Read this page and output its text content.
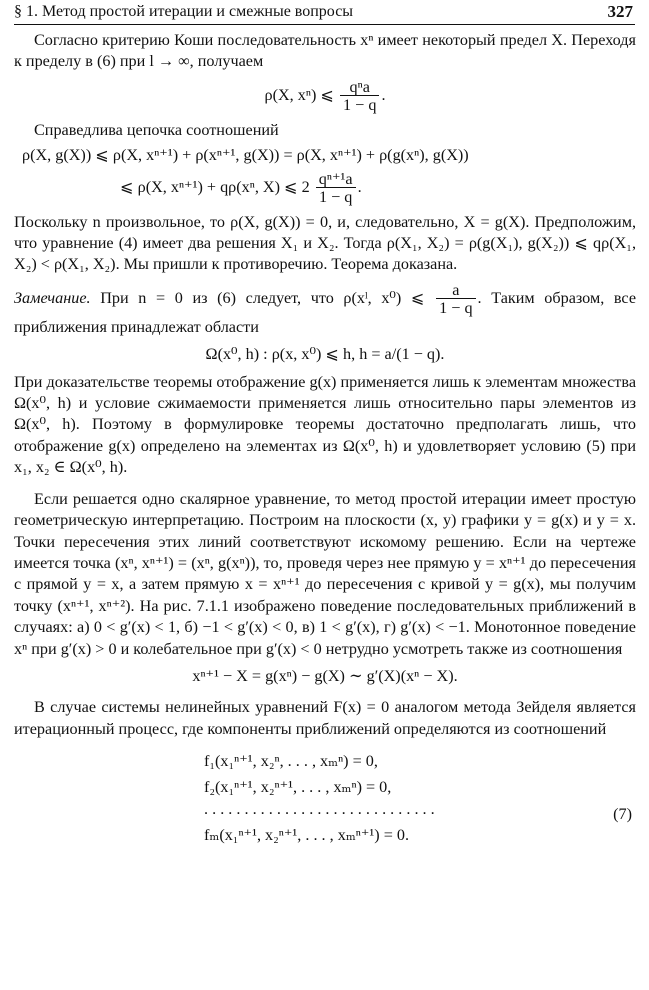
§ 1. Метод простой итерации и смежные вопросы	327

Согласно критерию Коши последовательность xⁿ имеет некоторый предел X. Переходя к пределу в (6) при l → ∞, получаем

ρ(X, xⁿ) ⩽ $\frac{\text{qⁿa}}{1 - q}$ .

Справедлива цепочка соотношений

ρ(X, g(X)) ⩽ ρ(X, xⁿ⁺¹) + ρ(xⁿ⁺¹, g(X)) = ρ(X, xⁿ⁺¹) + ρ(g(xⁿ), g(X))
⩽ ρ(X, xⁿ⁺¹) + qρ(xⁿ, X) ⩽ $2 \frac{\text{qⁿ⁺¹a}}{1 - q}$ .

Поскольку n произвольное, то ρ(X, g(X)) = 0, и, следовательно, X = g(X). Предположим, что уравнение (4) имеет два решения X₁ и X₂. Тогда ρ(X₁, X₂) = ρ(g(X₁), g(X₂)) ⩽ qρ(X₁, X₂) < ρ(X₁, X₂). Мы пришли к противоречию. Теорема доказана.

Замечание. При n = 0 из (6) следует, что ρ(xˡ, x⁰) ⩽ $\frac{a}{1 - q}$ . Таким образом, все приближения принадлежат области

Ω(x⁰, h) : ρ(x, x⁰) ⩽ h, h = a/(1 − q).

При доказательстве теоремы отображение g(x) применяется лишь к элементам множества Ω(x⁰, h) и условие сжимаемости применяется лишь относительно пары элементов из Ω(x⁰, h). Поэтому в формулировке теоремы достаточно предполагать лишь, что отображение g(x) определено на элементах из Ω(x⁰, h) и удовлетворяет условию (5) при x₁, x₂ ∈ Ω(x⁰, h).

Если решается одно скалярное уравнение, то метод простой итерации имеет простую геометрическую интерпретацию. Построим на плоскости (x, y) графики y = g(x) и y = x. Точки пересечения этих линий соответствуют искомому решению. Если на чертеже имеется точка (xⁿ, xⁿ⁺¹) = (xⁿ, g(xⁿ)), то, проведя через нее прямую y = xⁿ⁺¹ до пересечения с прямой y = x, а затем прямую x = xⁿ⁺¹ до пересечения с кривой y = g(x), мы получим точку (xⁿ⁺¹, xⁿ⁺²). На рис. 7.1.1 изображено поведение последовательных приближений в случаях: а) 0 < g′(x) < 1, б) −1 < g′(x) < 0, в) 1 < g′(x), г) g′(x) < −1. Монотонное поведение xⁿ при g′(x) > 0 и колебательное при g′(x) < 0 нетрудно усмотреть также из соотношения

xⁿ⁺¹ − X = g(xⁿ) − g(X) ∼ g′(X)(xⁿ − X).

В случае системы нелинейных уравнений F(x) = 0 аналогом метода Зейделя является итерационный процесс, где компоненты приближений определяются из соотношений

f₁(x₁ⁿ⁺¹, x₂ⁿ, . . . , xₘⁿ) = 0,
f₂(x₁ⁿ⁺¹, x₂ⁿ⁺¹, . . . , xₘⁿ) = 0,
. . . . . . . . . . . . . . . . . . . . . . . . . . . . .
fₘ(x₁ⁿ⁺¹, x₂ⁿ⁺¹, . . . , xₘⁿ⁺¹) = 0.
(7)
